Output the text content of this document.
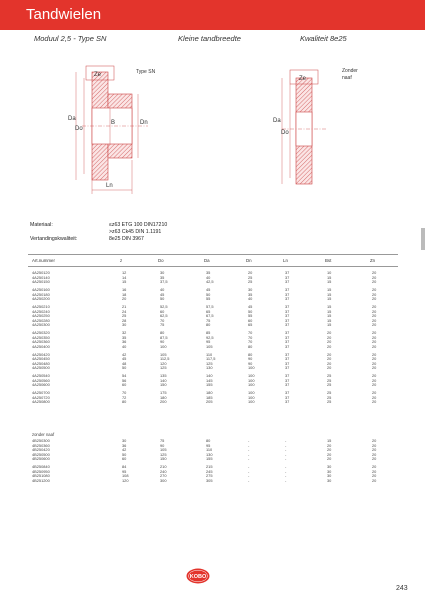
Tandwielen
Moduul 2,5 - Type SN	Kleine tandbreedte	Kwaliteit 8e25
Ze	Type SN
Da
Do
B	Dn
Ln
Ze
Zonder
naaf
Da
Do
Materiaal:	≤z63 ETG 100 DIN17210
>z63 Ck45 DIN 1.1191
Vertandingskwaliteit:	8e25 DIN 3967
Art.nummer	z	Do	Da	Dn	Ln	Bst	Zn
4A250120	12	30	35	20	37	10	20
4A250140	14	35	40	25	37	15	20
4A250150	15	37,5	42,5	25	37	15	20
4A250160	16	40	45	30	37	15	20
4A250180	18	45	50	35	37	15	20
4A250200	20	50	55	40	37	15	20
4A250210	21	52,5	57,5	45	37	15	20
4A250240	24	60	65	50	37	15	20
4A250250	25	62,5	67,5	55	37	15	20
4A250280	28	70	75	60	37	15	20
4A250300	30	75	80	65	37	15	20
4A250320	32	80	85	70	37	20	20
4A250350	35	87,5	92,5	70	37	20	20
4A250360	36	90	95	70	37	20	20
4A250400	40	100	105	80	37	20	20
4A250420	42	105	110	80	37	20	20
4A250450	45	112,5	117,5	90	37	20	20
4A250480	48	120	125	90	37	20	20
4A250500	50	125	130	100	37	20	20
4A250540	54	135	140	100	37	25	20
4A250560	56	140	145	100	37	25	20
4A250600	60	150	155	100	37	25	20
4A250700	70	175	180	100	37	25	20
4A250720	72	180	185	100	37	25	20
4A250800	80	200	205	100	37	25	20
zonder naaf
4B250300	30	75	80	-	-	15	20
4B250360	36	90	95	-	-	20	20
4B250420	42	105	110	-	-	20	20
4B250500	50	125	130	-	-	20	20
4B250600	60	150	155	-	-	20	20
4B250840	84	210	215	-	-	30	20
4B250950	95	240	245	-	-	30	20
4B251080	108	270	275	-	-	30	20
4B251200	120	300	305	-	-	30	20
KOBO
243
